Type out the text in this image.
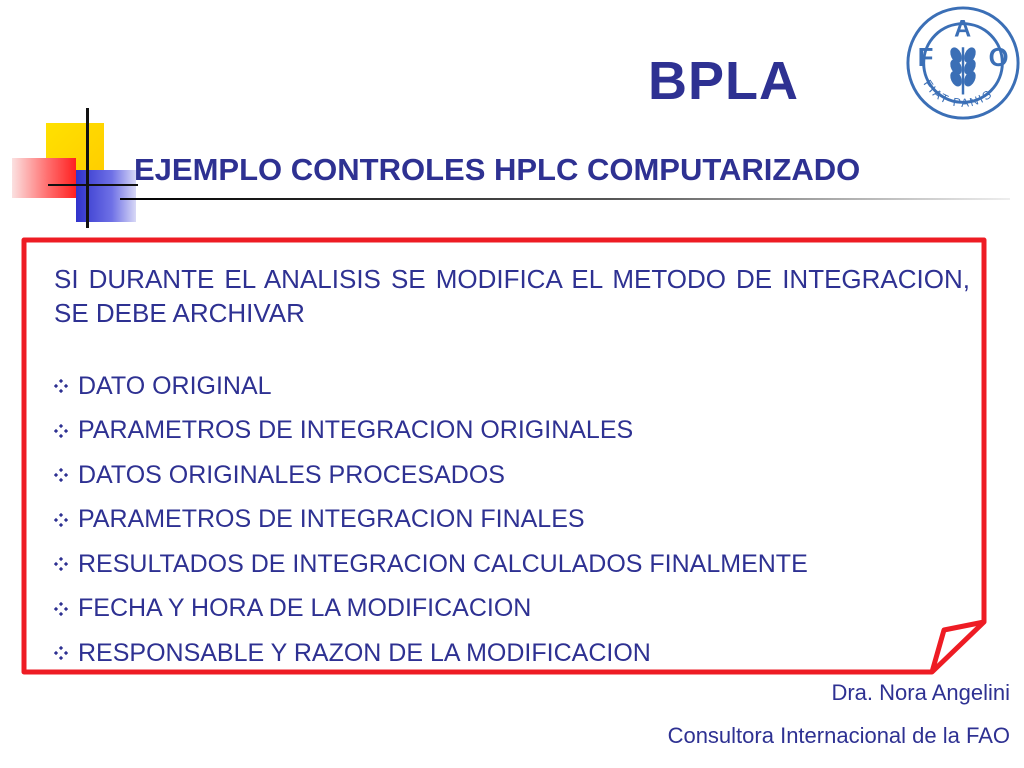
BPLA
EJEMPLO CONTROLES HPLC COMPUTARIZADO
F
A
O
FIAT PANIS
SI DURANTE EL ANALISIS SE MODIFICA EL METODO DE INTEGRACION, SE DEBE ARCHIVAR
DATO ORIGINAL
PARAMETROS DE INTEGRACION ORIGINALES
DATOS ORIGINALES PROCESADOS
PARAMETROS DE INTEGRACION FINALES
RESULTADOS DE INTEGRACION CALCULADOS FINALMENTE
FECHA Y HORA DE LA MODIFICACION
RESPONSABLE Y RAZON DE LA MODIFICACION
Dra. Nora Angelini
Consultora Internacional de la FAO
